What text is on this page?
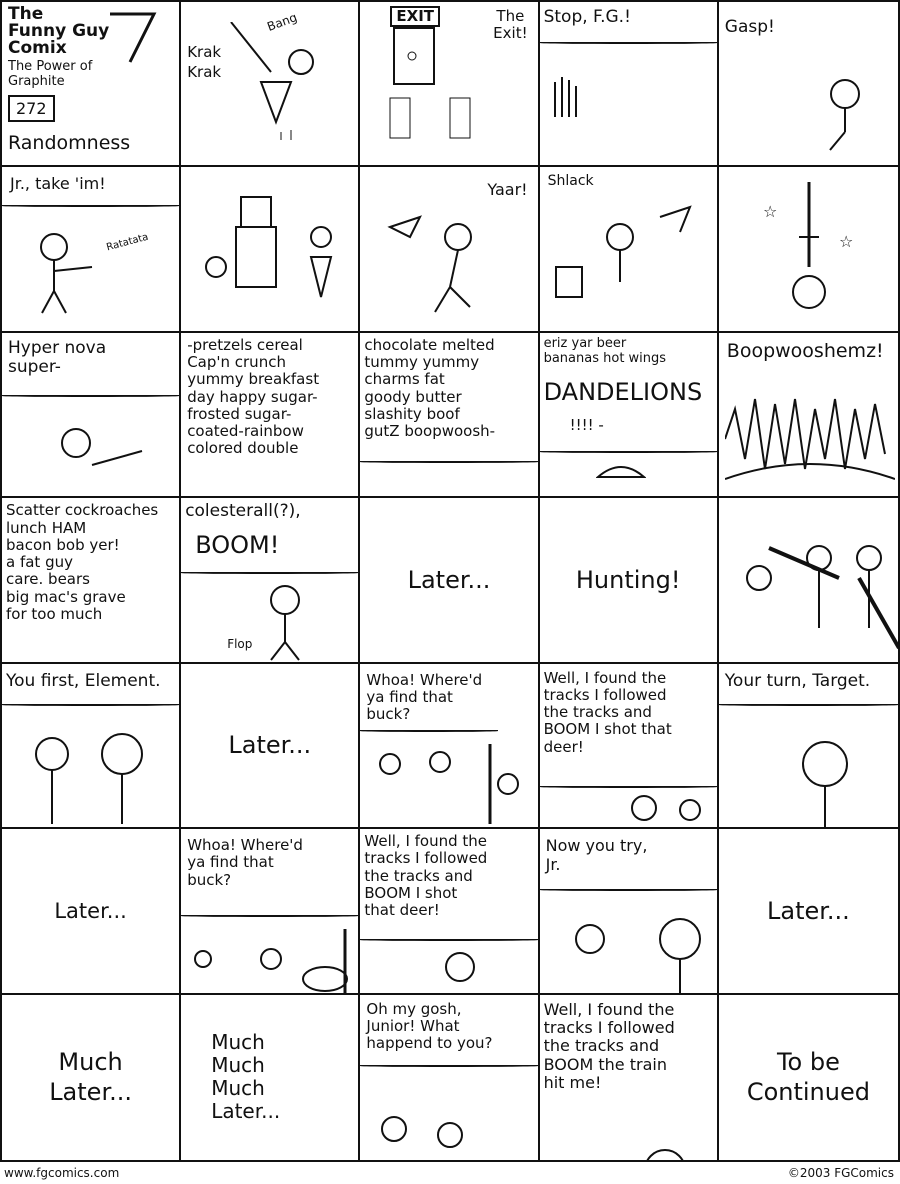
The
Funny Guy
Comix
The Power of Graphite
272
Randomness
Krak
Krak
Bang	EXIT	The
Exit!
Stop, F.G.!	Gasp!
Jr., take 'im!
Ratatata
Yaar! Shlack
☆
☆
Hyper nova
super-
-pretzels cereal
Cap'n crunch
yummy breakfast
day happy sugar-
frosted sugar-
coated-rainbow
colored double
chocolate melted
tummy yummy
charms fat
goody butter
slashity boof
gutZ boopwoosh-
eriz yar beer
bananas hot wings
DANDELIONS
!!!! -
Boopwooshemz!
Scatter cockroaches
lunch HAM
bacon bob yer!
a fat guy
care. bears
big mac's grave
for too much
colesterall(?),
BOOM!
Flop
Later...	Hunting!
You first, Element.
Later...
Whoa! Where'd
ya find that
buck?
Well, I found the
tracks I followed
the tracks and
BOOM I shot that
deer!
Your turn, Target.
Later...
Whoa! Where'd
ya find that
buck?
Well, I found the
tracks I followed
the tracks and
BOOM I shot
that deer!
Now you try,
Jr.
Later...
Much
Later...
Much
Much
Much
Later...
Oh my gosh,
Junior! What
happend to you?
Well, I found the
tracks I followed
the tracks and
BOOM the train
hit me!
To be
Continued
www.fgcomics.com	©2003 FGComics
